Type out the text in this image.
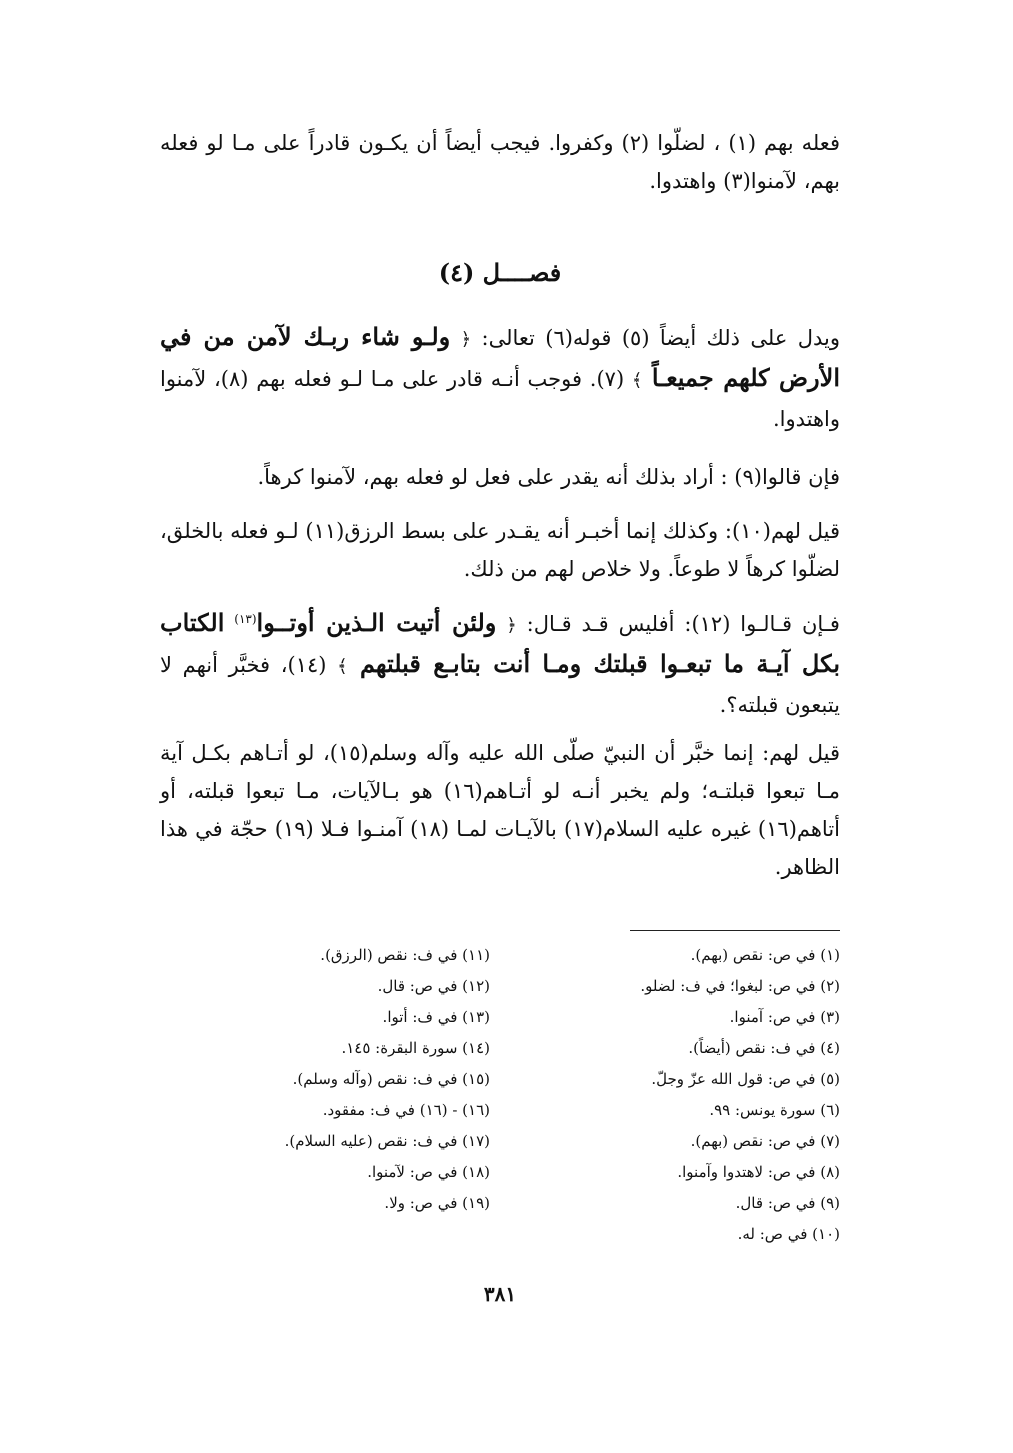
فعله بهم (١) ، لضلّوا (٢) وكفروا. فيجب أيضاً أن يكـون قادراً على مـا لو فعله بهم، لآمنوا(٣) واهتدوا.

فصــــل (٤)

ويدل على ذلك أيضاً (٥) قوله(٦) تعالى: ﴿ ولـو شاء ربـك لآمن من في الأرض كلهم جميعـاً ﴾ (٧). فوجب أنـه قادر على مـا لـو فعله بهم (٨)، لآمنوا واهتدوا.

فإن قالوا(٩) : أراد بذلك أنه يقدر على فعل لو فعله بهم، لآمنوا كرهاً.

قيل لهم(١٠): وكذلك إنما أخبـر أنه يقـدر على بسط الرزق(١١) لـو فعله بالخلق، لضلّوا كرهاً لا طوعاً. ولا خلاص لهم من ذلك.

فـإن قـالـوا (١٢): أفليس قـد قـال: ﴿ ولئن أتيت الـذين أوتــوا$^{(١٣)}$ الكتاب بكل آيـة ما تبعـوا قبلتك ومـا أنت بتابـع قبلتهم ﴾ (١٤)، فخبَّر أنهم لا يتبعون قبلته؟.

قيل لهم: إنما خبَّر أن النبيّ صلّى الله عليه وآله وسلم(١٥)، لو أتـاهم بكـل آية مـا تبعوا قبلتـه؛ ولم يخبر أنـه لو أتـاهم(١٦) هو بـالآيات، مـا تبعوا قبلته، أو أتاهم(١٦) غيره عليه السلام(١٧) بالآيـات لمـا (١٨) آمنـوا فـلا (١٩) حجّة في هذا الظاهر.

(١) في ص: نقص (بهم).
(٢) في ص: لبغوا؛ في ف: لضلو.
(٣) في ص: آمنوا.
(٤) في ف: نقص (أيضاً).
(٥) في ص: قول الله عزّ وجلّ.
(٦) سورة يونس: ٩٩.
(٧) في ص: نقص (بهم).
(٨) في ص: لاهتدوا وآمنوا.
(٩) في ص: قال.
(١٠) في ص: له.
(١١) في ف: نقص (الرزق).
(١٢) في ص: قال.
(١٣) في ف: أتوا.
(١٤) سورة البقرة: ١٤٥.
(١٥) في ف: نقص (وآله وسلم).
(١٦) - (١٦) في ف: مفقود.
(١٧) في ف: نقص (عليه السلام).
(١٨) في ص: لآمنوا.
(١٩) في ص: ولا.

٣٨١
